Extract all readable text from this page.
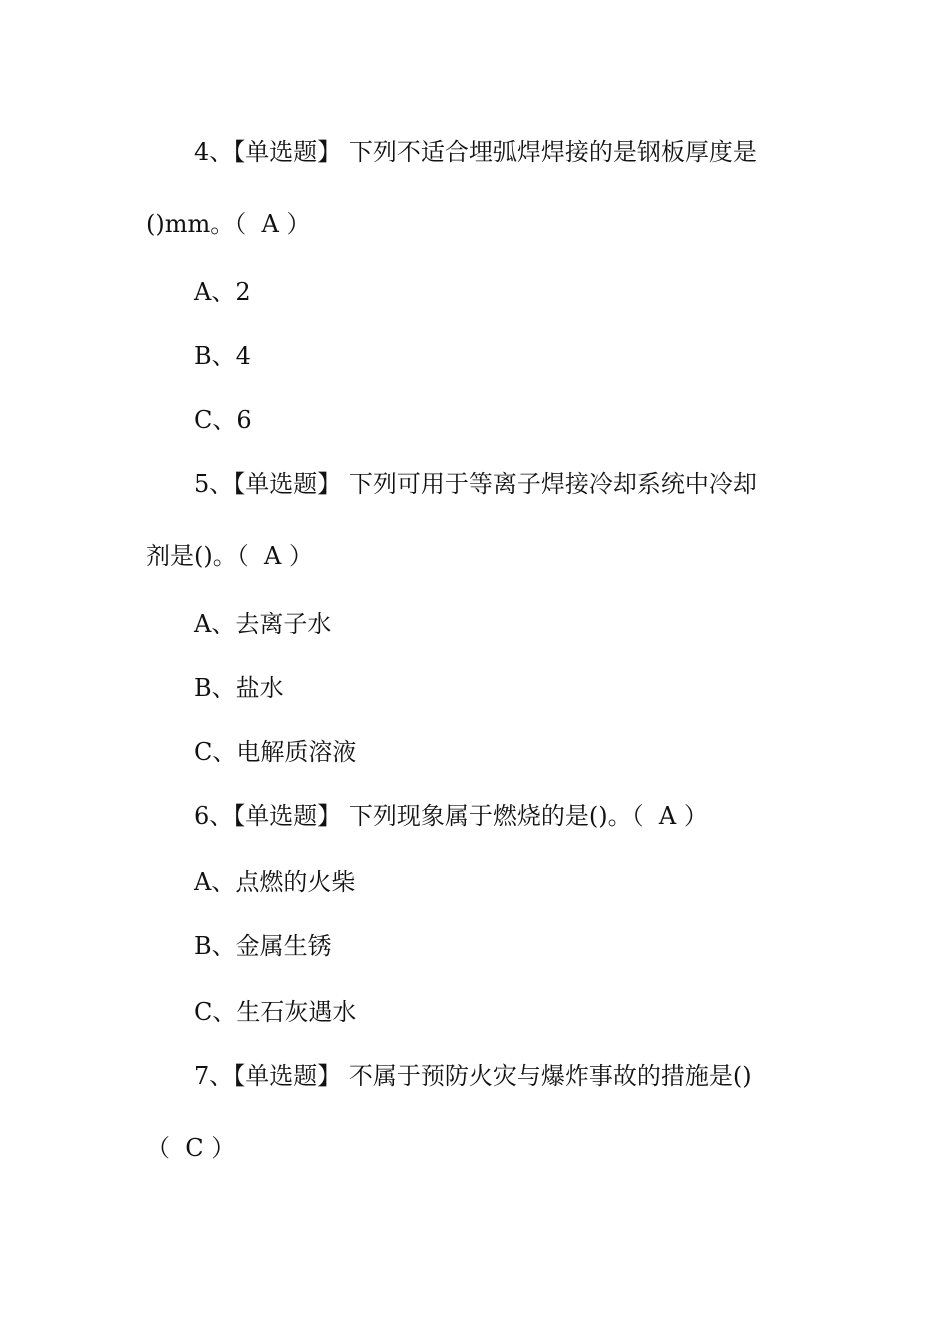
4、【单选题】 下列不适合埋弧焊焊接的是钢板厚度是
()mm。（  A ）
A、2
B、4
C、6
5、【单选题】 下列可用于等离子焊接冷却系统中冷却
剂是()。（  A ）
A、去离子水
B、盐水
C、电解质溶液
6、【单选题】 下列现象属于燃烧的是()。（  A ）
A、点燃的火柴
B、金属生锈
C、生石灰遇水
7、【单选题】 不属于预防火灾与爆炸事故的措施是()
（  C ）
